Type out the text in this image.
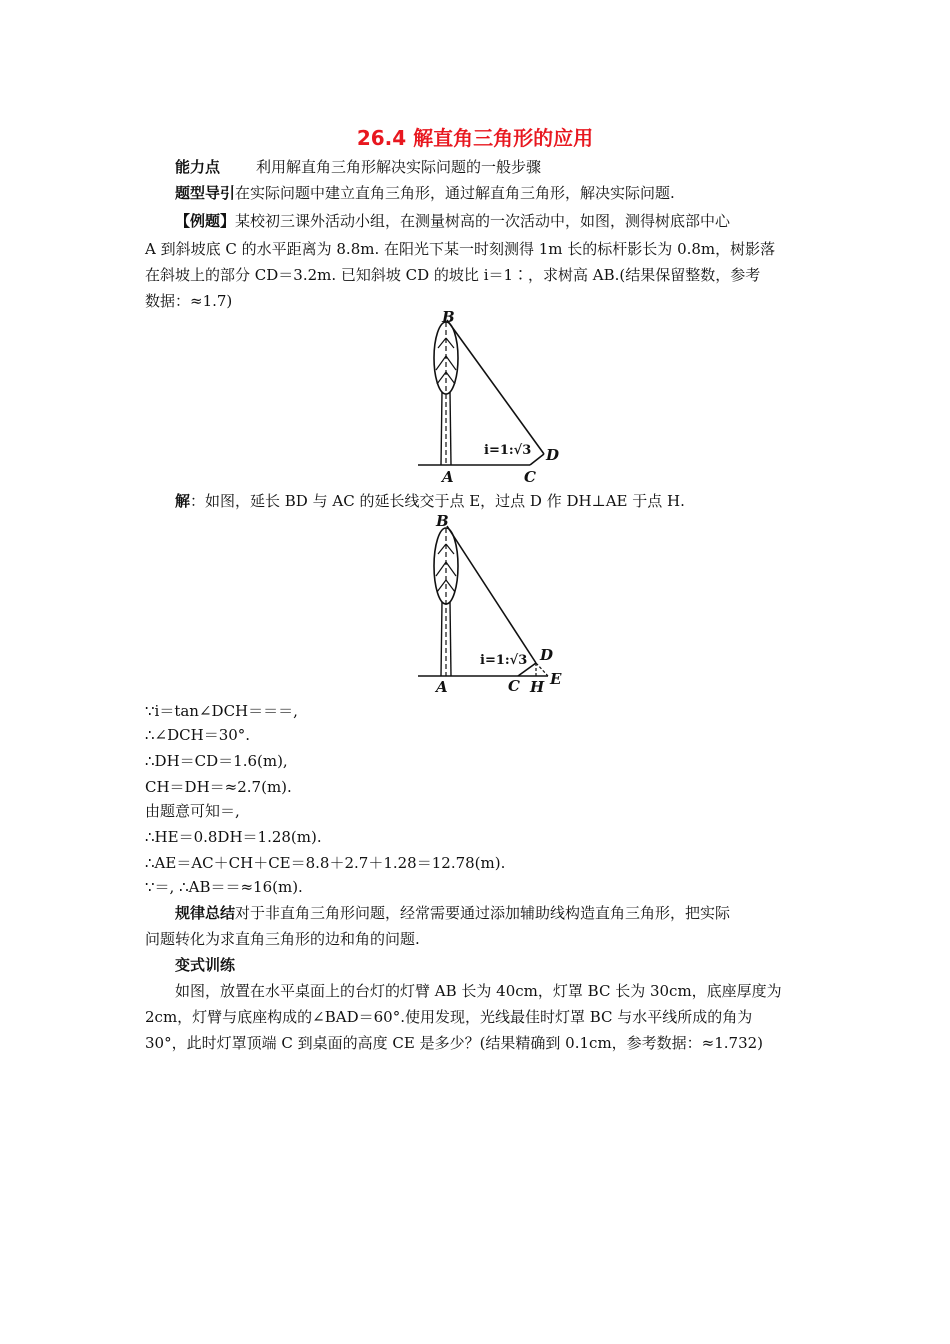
26.4 解直角三角形的应用
能力点 利用解直角三角形解决实际问题的一般步骤
题型导引在实际问题中建立直角三角形，通过解直角三角形，解决实际问题.
【例题】某校初三课外活动小组，在测量树高的一次活动中，如图，测得树底部中心
A 到斜坡底 C 的水平距离为 8.8m. 在阳光下某一时刻测得 1m 长的标杆影长为 0.8m，树影落
在斜坡上的部分 CD＝3.2m. 已知斜坡 CD 的坡比 i＝1∶，求树高 AB.(结果保留整数，参考
数据：≈1.7)
B
A	C
D
i=1:√3
解：如图，延长 BD 与 AC 的延长线交于点 E，过点 D 作 DH⊥AE 于点 H.
B
A	C
D
H E
i=1:√3
∵i＝tan∠DCH＝＝＝,
∴∠DCH＝30°.
∴DH＝CD＝1.6(m),
CH＝DH＝≈2.7(m).
由题意可知＝,
∴HE＝0.8DH＝1.28(m).
∴AE＝AC＋CH＋CE＝8.8＋2.7＋1.28＝12.78(m).
∵＝, ∴AB＝＝≈16(m).
规律总结对于非直角三角形问题，经常需要通过添加辅助线构造直角三角形，把实际
问题转化为求直角三角形的边和角的问题.
变式训练
如图，放置在水平桌面上的台灯的灯臂 AB 长为 40cm，灯罩 BC 长为 30cm，底座厚度为
2cm，灯臂与底座构成的∠BAD＝60°.使用发现，光线最佳时灯罩 BC 与水平线所成的角为
30°，此时灯罩顶端 C 到桌面的高度 CE 是多少？(结果精确到 0.1cm，参考数据：≈1.732)
